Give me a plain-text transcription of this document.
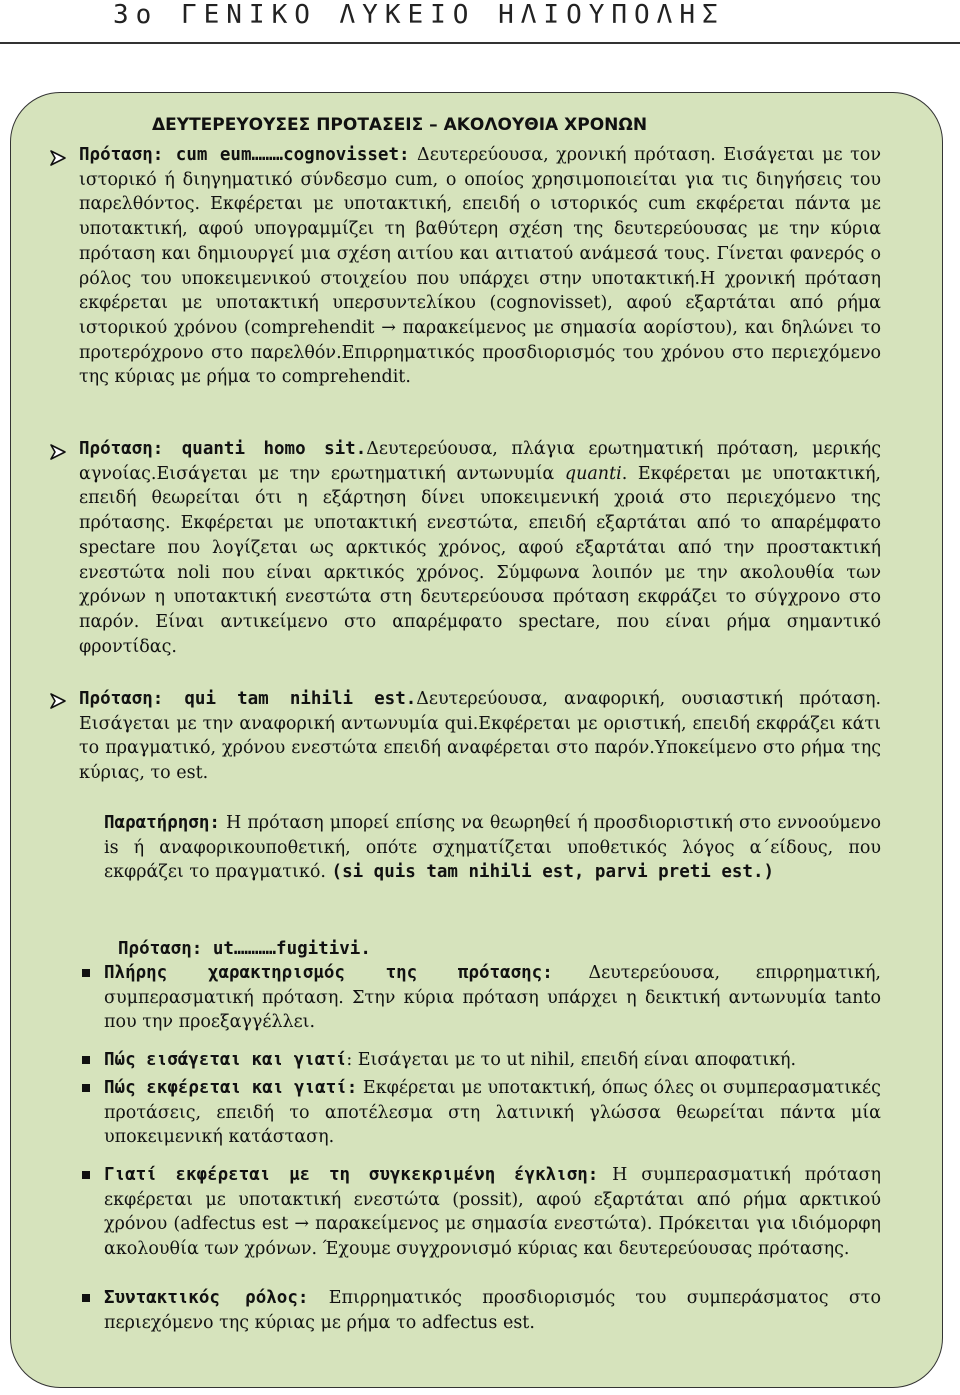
3ο ΓΕΝΙΚΟ ΛΥΚΕΙΟ ΗΛΙΟΥΠΟΛΗΣ
ΔΕΥΤΕΡΕΥΟΥΣΕΣ ΠΡΟΤΑΣΕΙΣ – ΑΚΟΛΟΥΘΙΑ ΧΡΟΝΩΝ

Πρόταση: cum eum………cognovisset: Δευτερεύουσα, χρονική πρόταση. Εισάγεται με τον ιστορικό ή διηγηματικό σύνδεσμο cum, ο οποίος χρησιμοποιείται για τις διηγήσεις του παρελθόντος. Εκφέρεται με υποτακτική, επειδή ο ιστορικός cum εκφέρεται πάντα με υποτακτική, αφού υπογραμμίζει τη βαθύτερη σχέση της δευτερεύουσας με την κύρια πρόταση και δημιουργεί μια σχέση αιτίου και αιτιατού ανάμεσά τους. Γίνεται φανερός ο ρόλος του υποκειμενικού στοιχείου που υπάρχει στην υποτακτική.Η χρονική πρόταση εκφέρεται με υποτακτική υπερσυντελίκου (cognovisset), αφού εξαρτάται από ρήμα ιστορικού χρόνου (comprehendit → παρακείμενος με σημασία αορίστου), και δηλώνει το προτερόχρονο στο παρελθόν.Επιρρηματικός προσδιορισμός του χρόνου στο περιεχόμενο της κύριας με ρήμα το comprehendit.

Πρόταση: quanti homo sit.Δευτερεύουσα, πλάγια ερωτηματική πρόταση, μερικής αγνοίας.Εισάγεται με την ερωτηματική αντωνυμία quanti. Εκφέρεται με υποτακτική, επειδή θεωρείται ότι η εξάρτηση δίνει υποκειμενική χροιά στο περιεχόμενο της πρότασης. Εκφέρεται με υποτακτική ενεστώτα, επειδή εξαρτάται από το απαρέμφατο spectare που λογίζεται ως αρκτικός χρόνος, αφού εξαρτάται από την προστακτική ενεστώτα noli που είναι αρκτικός χρόνος. Σύμφωνα λοιπόν με την ακολουθία των χρόνων η υποτακτική ενεστώτα στη δευτερεύουσα πρόταση εκφράζει το σύγχρονο στο παρόν. Είναι αντικείμενο στο απαρέμφατο spectare, που είναι ρήμα σημαντικό φροντίδας.

Πρόταση: qui tam nihili est.Δευτερεύουσα, αναφορική, ουσιαστική πρόταση. Εισάγεται με την αναφορική αντωνυμία qui.Εκφέρεται με οριστική, επειδή εκφράζει κάτι το πραγματικό, χρόνου ενεστώτα επειδή αναφέρεται στο παρόν.Υποκείμενο στο ρήμα της κύριας, το est.

Παρατήρηση: Η πρόταση μπορεί επίσης να θεωρηθεί ή προσδιοριστική στο εννοούμενο is ή αναφορικουποθετική, οπότε σχηματίζεται υποθετικός λόγος α΄είδους, που εκφράζει το πραγματικό. (si quis tam nihili est, parvi preti est.)

Πρόταση: ut…………fugitivi.

Πλήρης χαρακτηρισμός της πρότασης: Δευτερεύουσα, επιρρηματική, συμπερασματική πρόταση. Στην κύρια πρόταση υπάρχει η δεικτική αντωνυμία tanto που την προεξαγγέλλει.

Πώς εισάγεται και γιατί: Εισάγεται με το ut nihil, επειδή είναι αποφατική.

Πώς εκφέρεται και γιατί: Εκφέρεται με υποτακτική, όπως όλες οι συμπερασματικές προτάσεις, επειδή το αποτέλεσμα στη λατινική γλώσσα θεωρείται πάντα μία υποκειμενική κατάσταση.

Γιατί εκφέρεται με τη συγκεκριμένη έγκλιση: Η συμπερασματική πρόταση εκφέρεται με υποτακτική ενεστώτα (possit), αφού εξαρτάται από ρήμα αρκτικού χρόνου (adfectus est → παρακείμενος με σημασία ενεστώτα). Πρόκειται για ιδιόμορφη ακολουθία των χρόνων. Έχουμε συγχρονισμό κύριας και δευτερεύουσας πρότασης.

Συντακτικός ρόλος: Επιρρηματικός προσδιορισμός του συμπεράσματος στο περιεχόμενο της κύριας με ρήμα το adfectus est.
